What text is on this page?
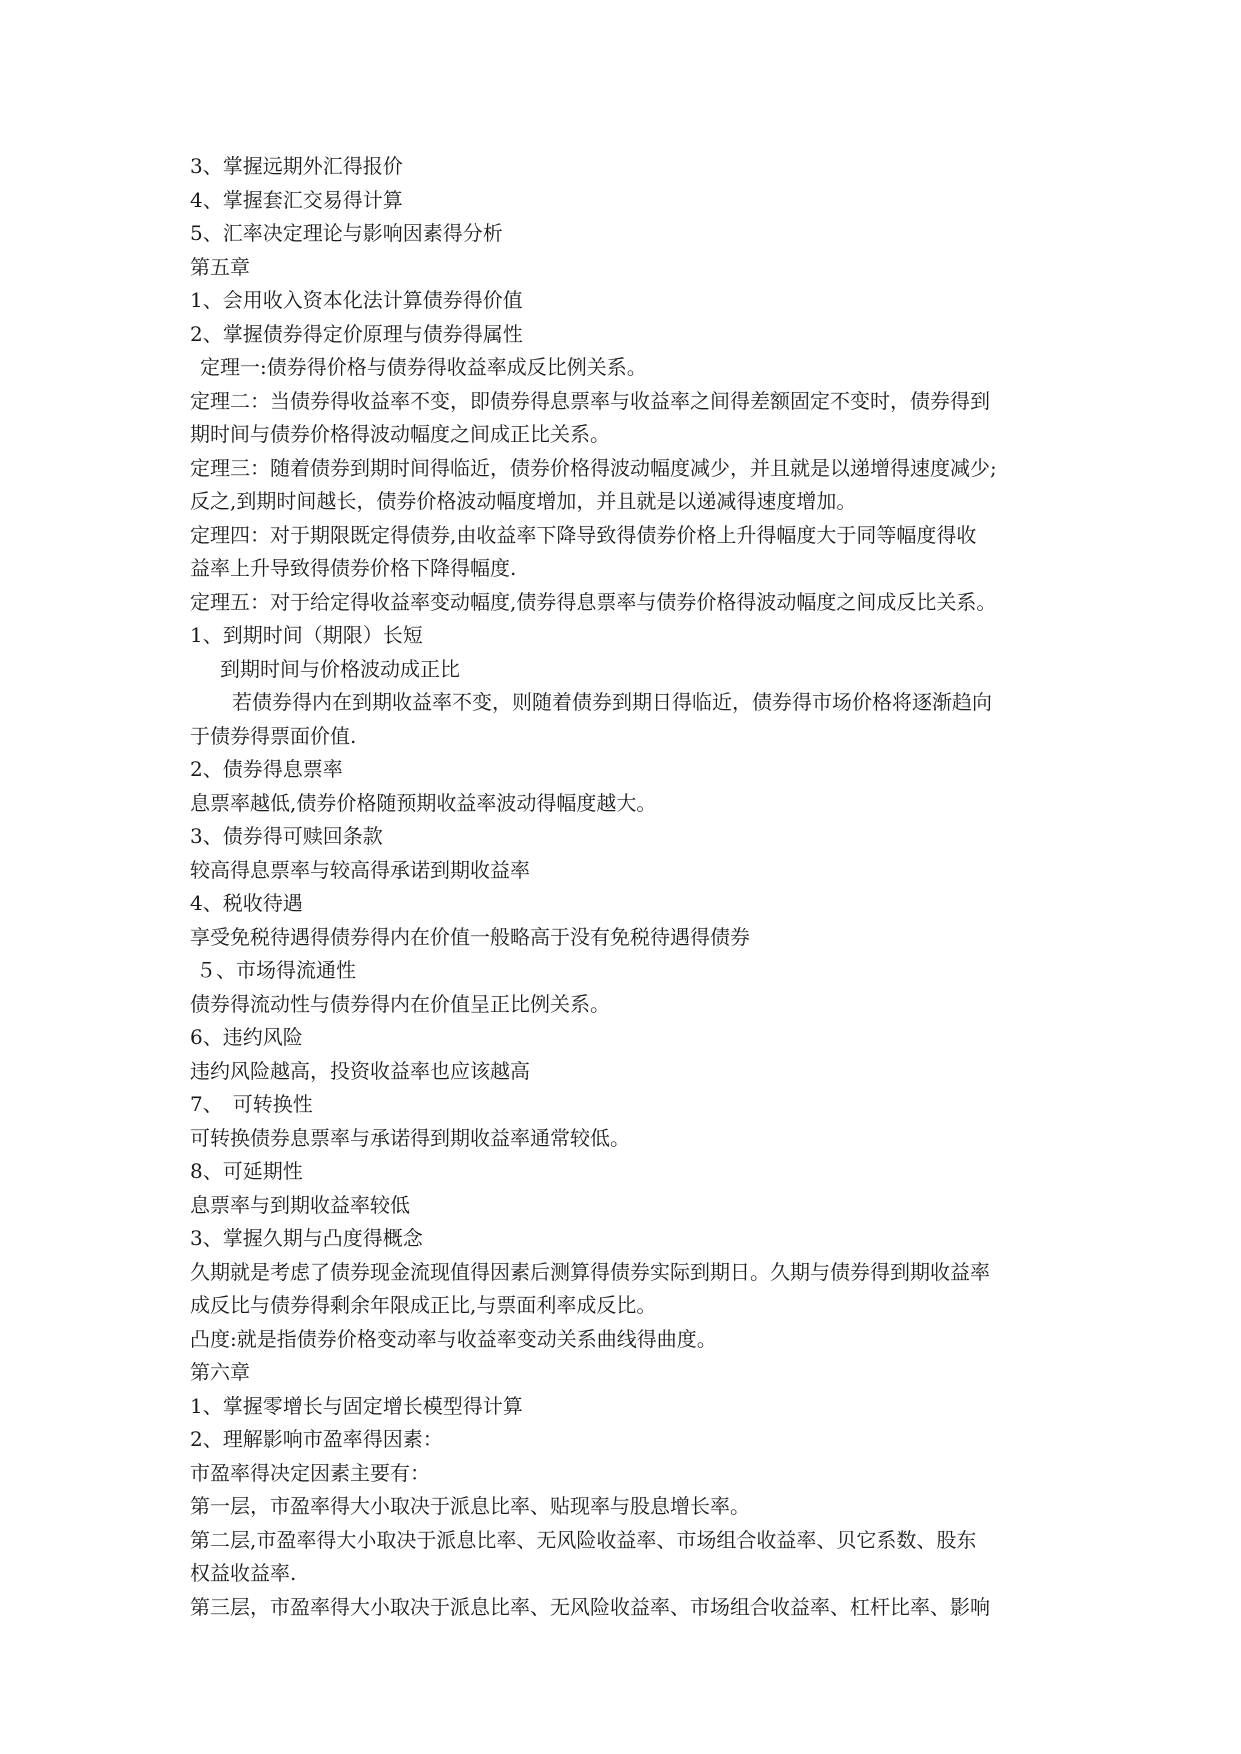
3、掌握远期外汇得报价
4、掌握套汇交易得计算
5、汇率决定理论与影响因素得分析
第五章
1、会用收入资本化法计算债券得价值
2、掌握债券得定价原理与债券得属性
定理一:债券得价格与债券得收益率成反比例关系。
定理二：当债券得收益率不变，即债券得息票率与收益率之间得差额固定不变时，债券得到
期时间与债券价格得波动幅度之间成正比关系。
定理三：随着债券到期时间得临近，债券价格得波动幅度减少，并且就是以递增得速度减少;
反之,到期时间越长，债券价格波动幅度增加，并且就是以递减得速度增加。
定理四：对于期限既定得债券,由收益率下降导致得债券价格上升得幅度大于同等幅度得收
益率上升导致得债券价格下降得幅度.
定理五：对于给定得收益率变动幅度,债券得息票率与债券价格得波动幅度之间成反比关系。
1、到期时间（期限）长短
到期时间与价格波动成正比
若债券得内在到期收益率不变，则随着债券到期日得临近，债券得市场价格将逐渐趋向
于债券得票面价值.
2、债券得息票率
息票率越低,债券价格随预期收益率波动得幅度越大。
3、债券得可赎回条款
较高得息票率与较高得承诺到期收益率
4、税收待遇
享受免税待遇得债券得内在价值一般略高于没有免税待遇得债券
５、市场得流通性
债券得流动性与债券得内在价值呈正比例关系。
6、违约风险
违约风险越高，投资收益率也应该越高
7、　可转换性
可转换债券息票率与承诺得到期收益率通常较低。
8、可延期性
息票率与到期收益率较低
3、掌握久期与凸度得概念
久期就是考虑了债券现金流现值得因素后测算得债券实际到期日。久期与债券得到期收益率
成反比与债券得剩余年限成正比,与票面利率成反比。
凸度:就是指债券价格变动率与收益率变动关系曲线得曲度。
第六章
1、掌握零增长与固定增长模型得计算
2、理解影响市盈率得因素：
市盈率得决定因素主要有：
第一层，市盈率得大小取决于派息比率、贴现率与股息增长率。
第二层,市盈率得大小取决于派息比率、无风险收益率、市场组合收益率、贝它系数、股东
权益收益率.
第三层，市盈率得大小取决于派息比率、无风险收益率、市场组合收益率、杠杆比率、影响
